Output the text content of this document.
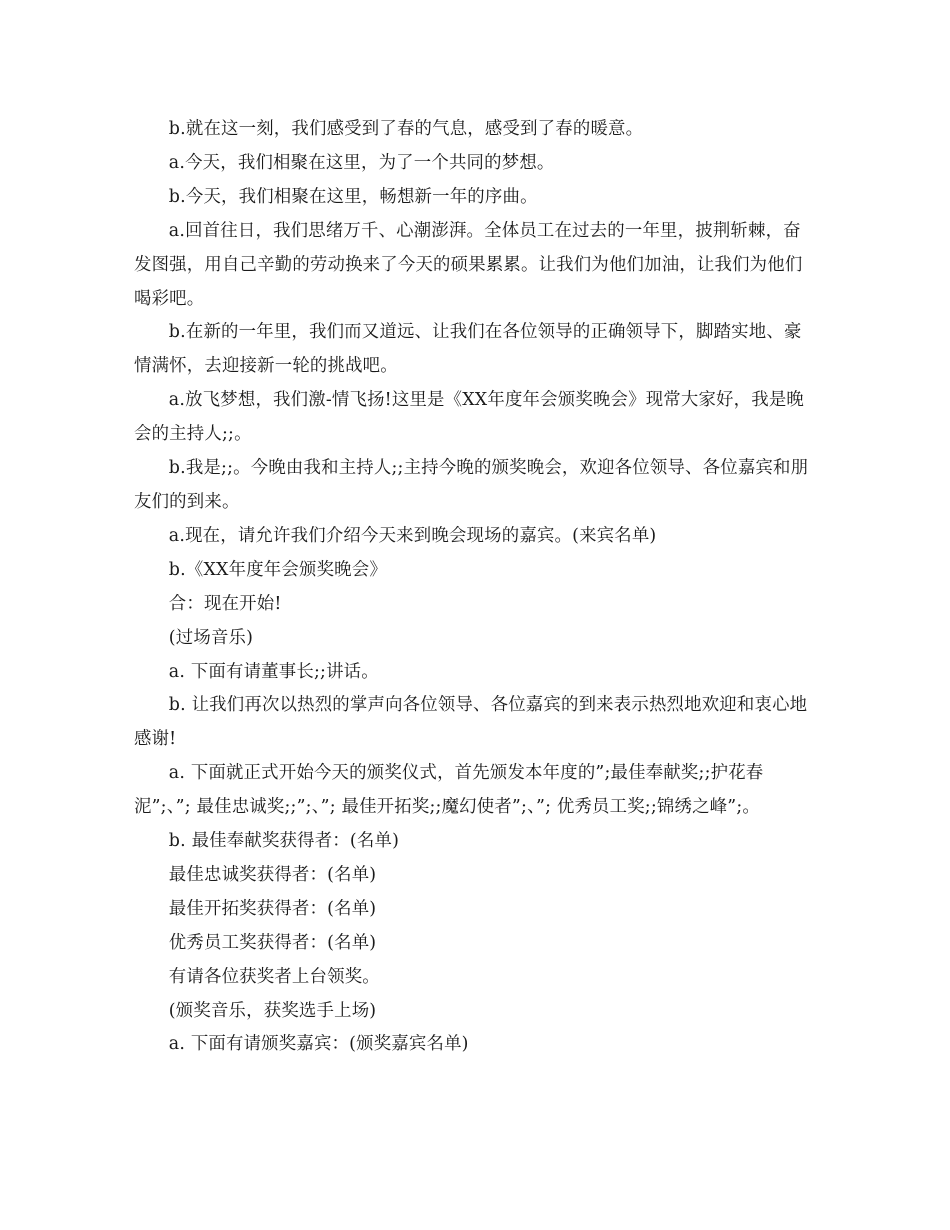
b.就在这一刻，我们感受到了春的气息，感受到了春的暖意。

a.今天，我们相聚在这里，为了一个共同的梦想。

b.今天，我们相聚在这里，畅想新一年的序曲。

a.回首往日，我们思绪万千、心潮澎湃。全体员工在过去的一年里，披荆斩棘，奋发图强，用自己辛勤的劳动换来了今天的硕果累累。让我们为他们加油，让我们为他们喝彩吧。

b.在新的一年里，我们而又道远、让我们在各位领导的正确领导下，脚踏实地、豪情满怀，去迎接新一轮的挑战吧。

a.放飞梦想，我们激-情飞扬!这里是《XX年度年会颁奖晚会》现常大家好，我是晚会的主持人;;。

b.我是;;。今晚由我和主持人;;主持今晚的颁奖晚会，欢迎各位领导、各位嘉宾和朋友们的到来。

a.现在，请允许我们介绍今天来到晚会现场的嘉宾。(来宾名单)

b.《XX年度年会颁奖晚会》

合：现在开始!

(过场音乐)

a. 下面有请董事长;;讲话。

b. 让我们再次以热烈的掌声向各位领导、各位嘉宾的到来表示热烈地欢迎和衷心地感谢!

a. 下面就正式开始今天的颁奖仪式，首先颁发本年度的”;最佳奉献奖;;护花春泥”;、”; 最佳忠诚奖;;”;、”; 最佳开拓奖;;魔幻使者”;、”; 优秀员工奖;;锦绣之峰”;。

b. 最佳奉献奖获得者：(名单)

最佳忠诚奖获得者：(名单)

最佳开拓奖获得者：(名单)

优秀员工奖获得者：(名单)

有请各位获奖者上台领奖。

(颁奖音乐，获奖选手上场)

a. 下面有请颁奖嘉宾：(颁奖嘉宾名单)
